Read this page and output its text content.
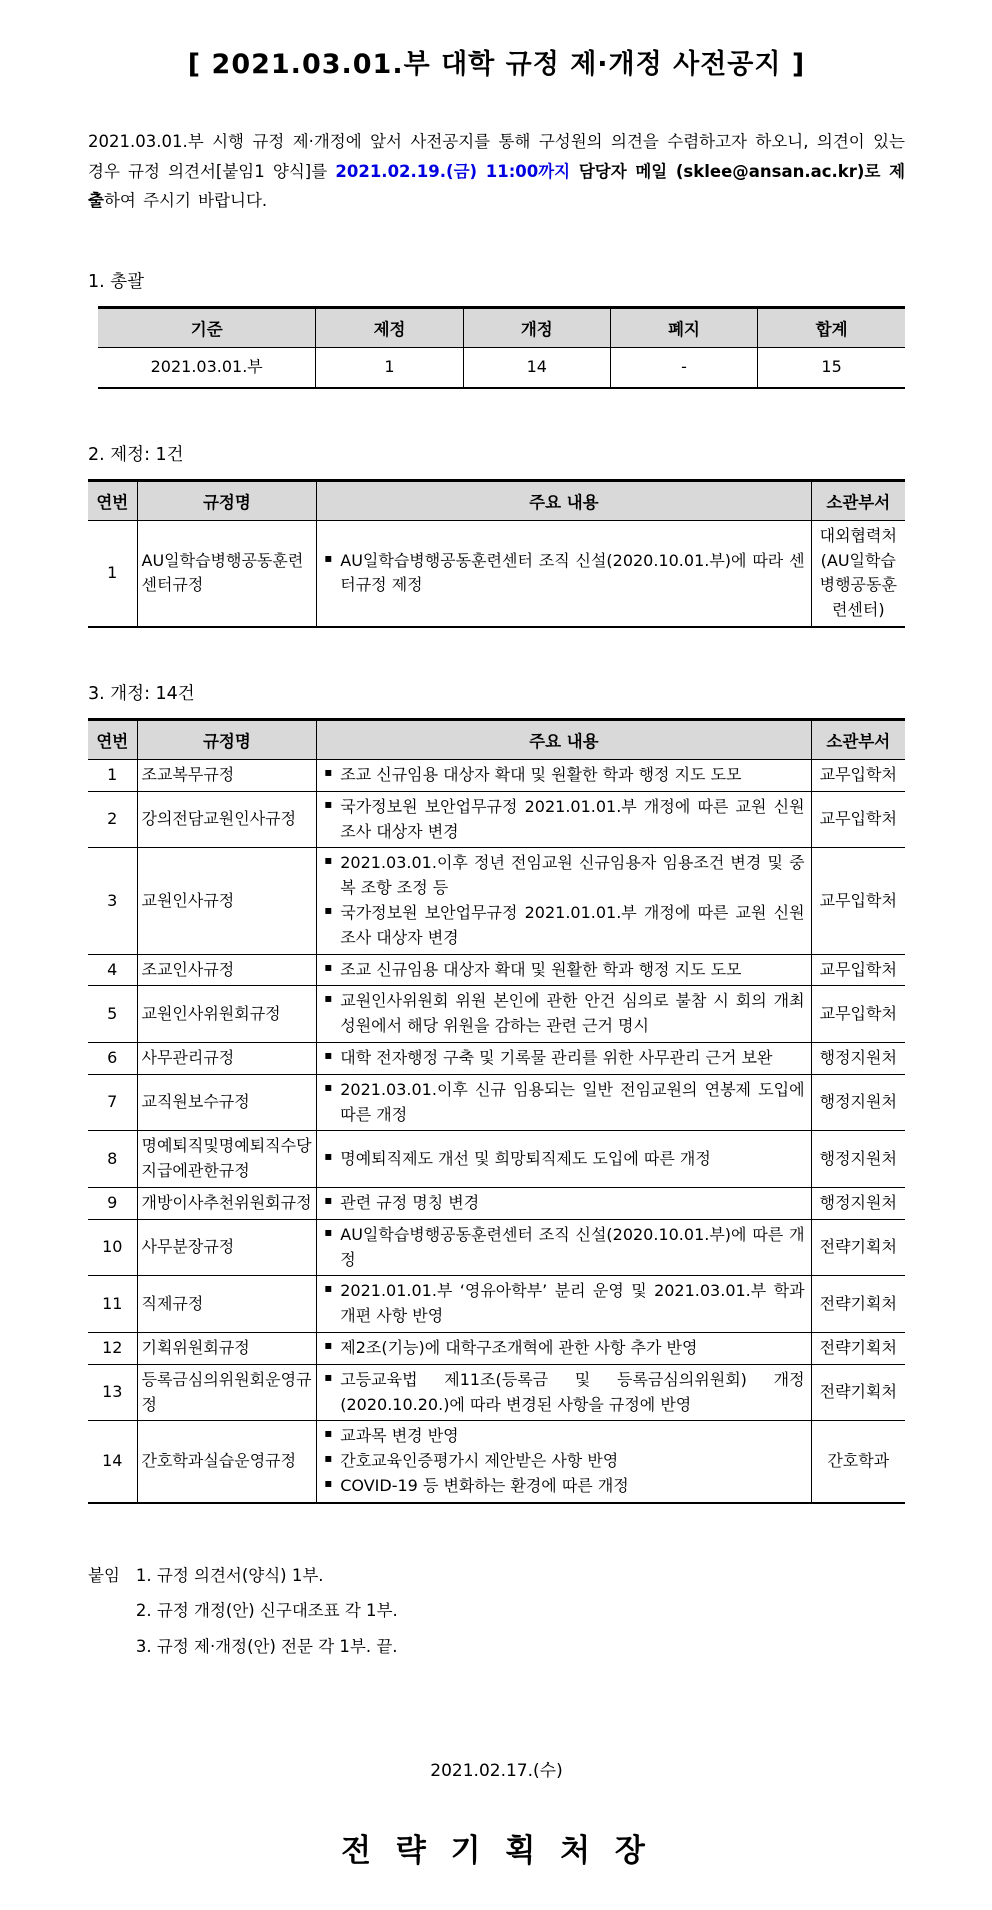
[ 2021.03.01.부 대학 규정 제·개정 사전공지 ]

2021.03.01.부 시행 규정 제·개정에 앞서 사전공지를 통해 구성원의 의견을 수렴하고자 하오니, 의견이 있는 경우 규정 의견서[붙임1 양식]를 2021.02.19.(금) 11:00까지 담당자 메일 (sklee@ansan.ac.kr)로 제출하여 주시기 바랍니다.

1. 총괄
기준	제정	개정	폐지	합계
2021.03.01.부	1	14	-	15
2. 제정: 1건
연번	규정명	주요 내용	소관부서
1	AU일학습병행공동훈련센터규정	▪ AU일학습병행공동훈련센터 조직 신설(2020.10.01.부)에 따라 센터규정 제정	대외협력처 (AU일학습병행공동훈련센터)
3. 개정: 14건
연번	규정명	주요 내용	소관부서
1	조교복무규정	▪ 조교 신규임용 대상자 확대 및 원활한 학과 행정 지도 도모	교무입학처
2	강의전담교원인사규정	▪ 국가정보원 보안업무규정 2021.01.01.부 개정에 따른 교원 신원조사 대상자 변경	교무입학처
3	교원인사규정	▪ 2021.03.01.이후 정년 전임교원 신규임용자 임용조건 변경 및 중복 조항 조정 등
▪ 국가정보원 보안업무규정 2021.01.01.부 개정에 따른 교원 신원조사 대상자 변경	교무입학처
4	조교인사규정	▪ 조교 신규임용 대상자 확대 및 원활한 학과 행정 지도 도모	교무입학처
5	교원인사위원회규정	▪ 교원인사위원회 위원 본인에 관한 안건 심의로 불참 시 회의 개최 성원에서 해당 위원을 감하는 관련 근거 명시	교무입학처
6	사무관리규정	▪ 대학 전자행정 구축 및 기록물 관리를 위한 사무관리 근거 보완	행정지원처
7	교직원보수규정	▪ 2021.03.01.이후 신규 임용되는 일반 전임교원의 연봉제 도입에 따른 개정	행정지원처
8	명예퇴직및명예퇴직수당지급에관한규정	▪ 명예퇴직제도 개선 및 희망퇴직제도 도입에 따른 개정	행정지원처
9	개방이사추천위원회규정	▪ 관련 규정 명칭 변경	행정지원처
10	사무분장규정	▪ AU일학습병행공동훈련센터 조직 신설(2020.10.01.부)에 따른 개정	전략기획처
11	직제규정	▪ 2021.01.01.부 ‘영유아학부’ 분리 운영 및 2021.03.01.부 학과개편 사항 반영	전략기획처
12	기획위원회규정	▪ 제2조(기능)에 대학구조개혁에 관한 사항 추가 반영	전략기획처
13	등록금심의위원회운영규정	▪ 고등교육법 제11조(등록금 및 등록금심의위원회) 개정(2020.10.20.)에 따라 변경된 사항을 규정에 반영	전략기획처
14	간호학과실습운영규정	▪ 교과목 변경 반영
▪ 간호교육인증평가시 제안받은 사항 반영
▪ COVID-19 등 변화하는 환경에 따른 개정	간호학과
붙임 1. 규정 의견서(양식) 1부.
2. 규정 개정(안) 신구대조표 각 1부.
3. 규정 제·개정(안) 전문 각 1부. 끝.
2021.02.17.(수)
전 략 기 획 처 장
